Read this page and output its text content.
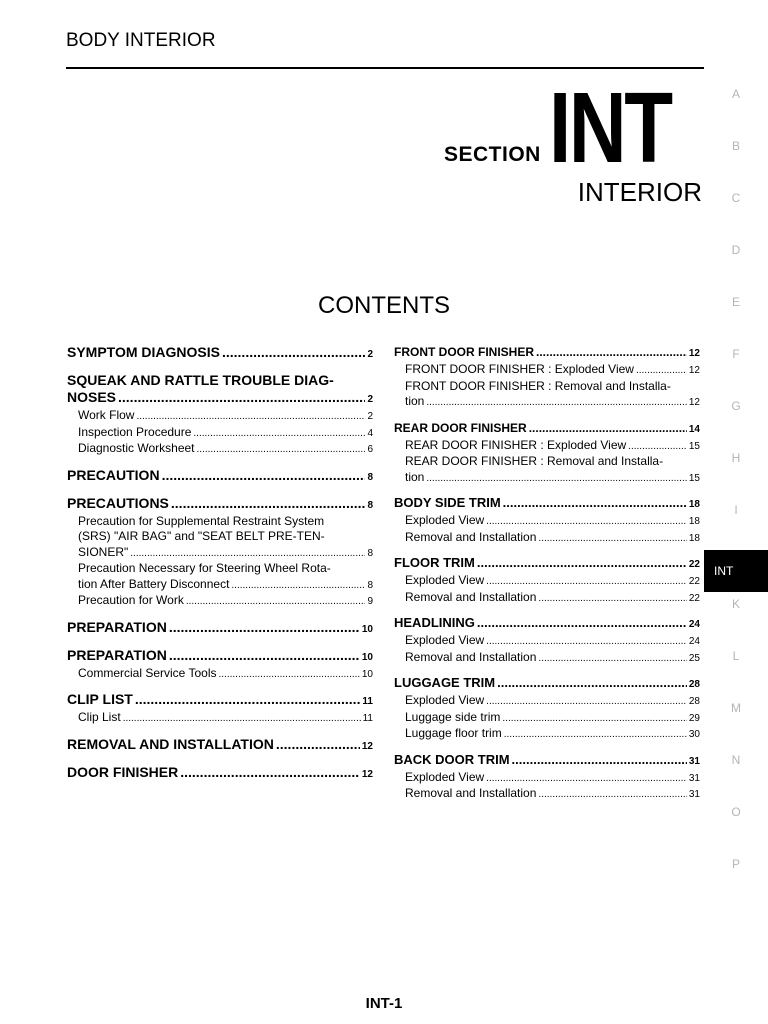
BODY INTERIOR
SECTION INT
INTERIOR
CONTENTS
SYMPTOM DIAGNOSIS .....	2
SQUEAK AND RATTLE TROUBLE DIAG-
NOSES .....	2
Work Flow .....	2
Inspection Procedure .....	4
Diagnostic Worksheet .....	6
PRECAUTION .....	8
PRECAUTIONS .....	8
Precaution for Supplemental Restraint System
(SRS) "AIR BAG" and "SEAT BELT PRE-TEN-
SIONER" .....	8
Precaution Necessary for Steering Wheel Rota-
tion After Battery Disconnect .....	8
Precaution for Work .....	9
PREPARATION .....	10
PREPARATION .....	10
Commercial Service Tools .....	10
CLIP LIST .....	11
Clip List .....	11
REMOVAL AND INSTALLATION .....	12
DOOR FINISHER .....	12
FRONT DOOR FINISHER .....	12
FRONT DOOR FINISHER : Exploded View .....	12
FRONT DOOR FINISHER : Removal and Installa-
tion .....	12
REAR DOOR FINISHER .....	14
REAR DOOR FINISHER : Exploded View .....	15
REAR DOOR FINISHER : Removal and Installa-
tion .....	15
BODY SIDE TRIM .....	18
Exploded View .....	18
Removal and Installation .....	18
FLOOR TRIM .....	22
Exploded View .....	22
Removal and Installation .....	22
HEADLINING .....	24
Exploded View .....	24
Removal and Installation .....	25
LUGGAGE TRIM .....	28
Exploded View .....	28
Luggage side trim .....	29
Luggage floor trim .....	30
BACK DOOR TRIM .....	31
Exploded View .....	31
Removal and Installation .....	31
A
B
C
D
E
F
G
H
I
INT
K
L
M
N
O
P
INT-1
